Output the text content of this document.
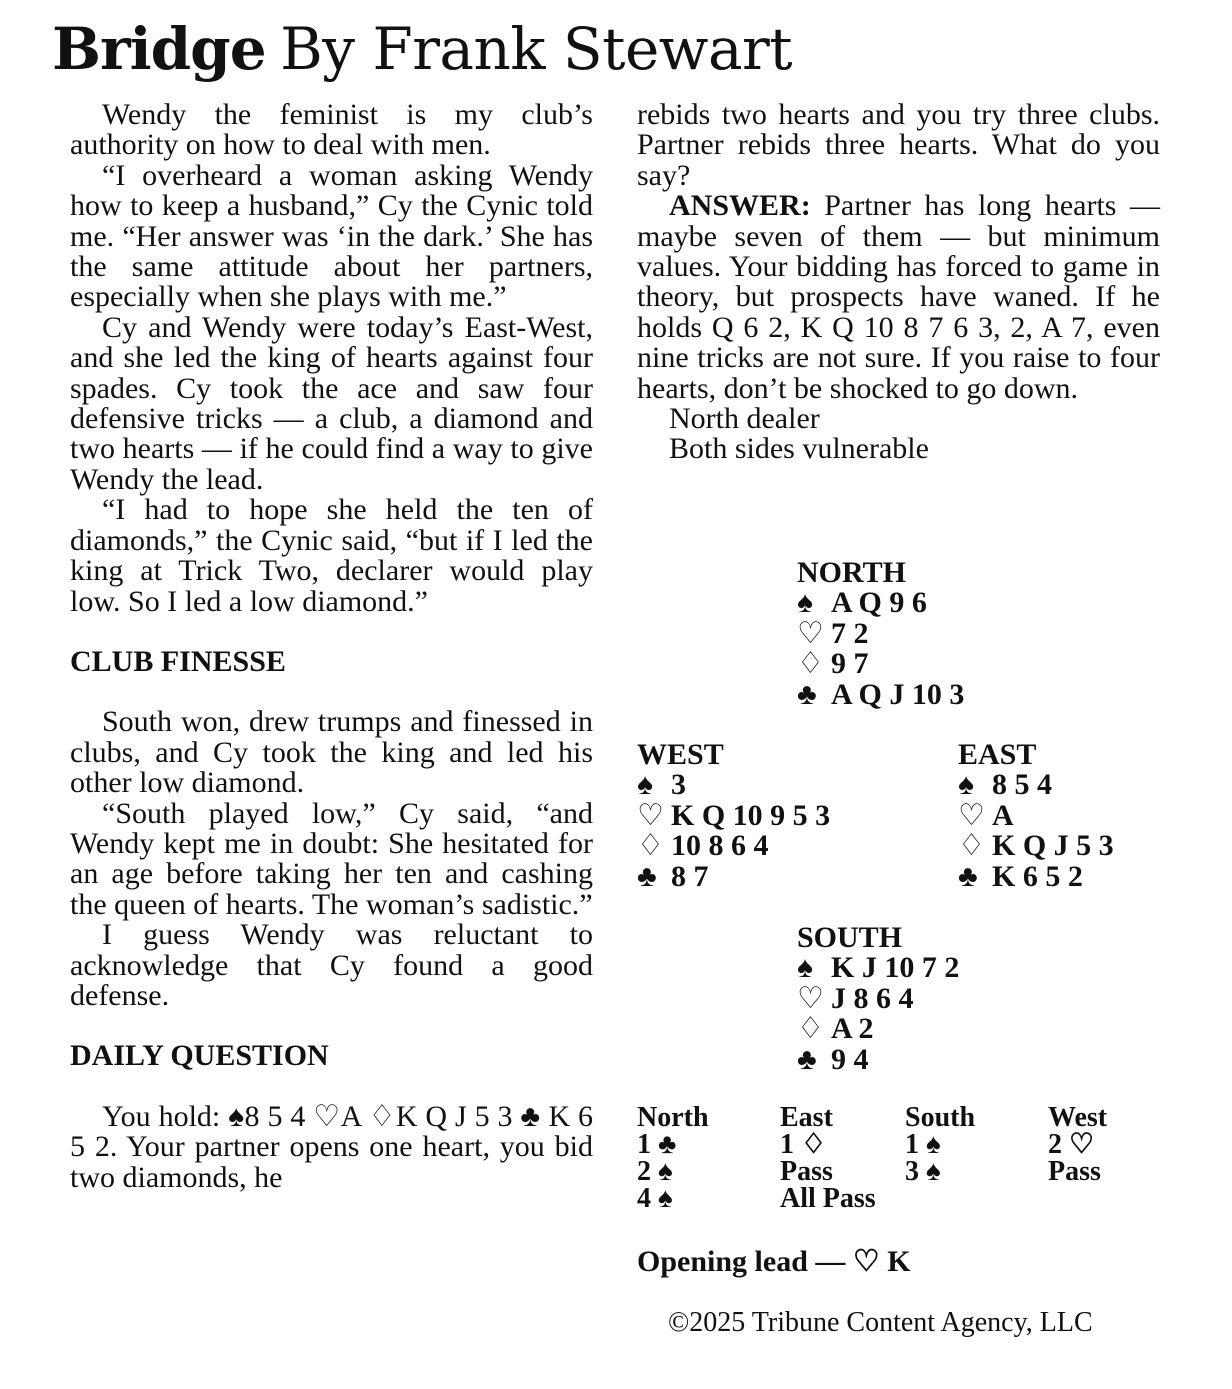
Bridge By Frank Stewart

Wendy the feminist is my club’s authority on how to deal with men.

“I overheard a woman asking Wendy how to keep a husband,” Cy the Cynic told me. “Her answer was ‘in the dark.’ She has the same attitude about her partners, especially when she plays with me.”

Cy and Wendy were today’s East-West, and she led the king of hearts against four spades. Cy took the ace and saw four defensive tricks — a club, a diamond and two hearts — if he could find a way to give Wendy the lead.

“I had to hope she held the ten of diamonds,” the Cynic said, “but if I led the king at Trick Two, declarer would play low. So I led a low diamond.”

CLUB FINESSE

South won, drew trumps and finessed in clubs, and Cy took the king and led his other low diamond.

“South played low,” Cy said, “and Wendy kept me in doubt: She hesitated for an age before taking her ten and cashing the queen of hearts. The woman’s sadistic.”

I guess Wendy was reluctant to acknowledge that Cy found a good defense.

DAILY QUESTION

You hold: ♠8 5 4 ♡A ♢K Q J 5 3 ♣ K 6 5 2. Your partner opens one heart, you bid two diamonds, he

rebids two hearts and you try three clubs. Partner rebids three hearts. What do you say?

ANSWER: Partner has long hearts — maybe seven of them — but minimum values. Your bidding has forced to game in theory, but prospects have waned. If he holds Q 6 2, K Q 10 8 7 6 3, 2, A 7, even nine tricks are not sure. If you raise to four hearts, don’t be shocked to go down.

North dealer

Both sides vulnerable

NORTH
♠ A Q 9 6
♡ 7 2
♢ 9 7
♣ A Q J 10 3
WEST
♠ 3
♡ K Q 10 9 5 3
♢ 10 8 6 4
♣ 8 7
EAST
♠ 8 5 4
♡ A
♢ K Q J 5 3
♣ K 6 5 2
SOUTH
♠ K J 10 7 2
♡ J 8 6 4
♢ A 2
♣ 9 4
North	East	South	West
1 ♣	1 ♢	1 ♠	2 ♡
2 ♠	Pass	3 ♠	Pass
4 ♠	All Pass
Opening lead — ♡ K
©2025 Tribune Content Agency, LLC
